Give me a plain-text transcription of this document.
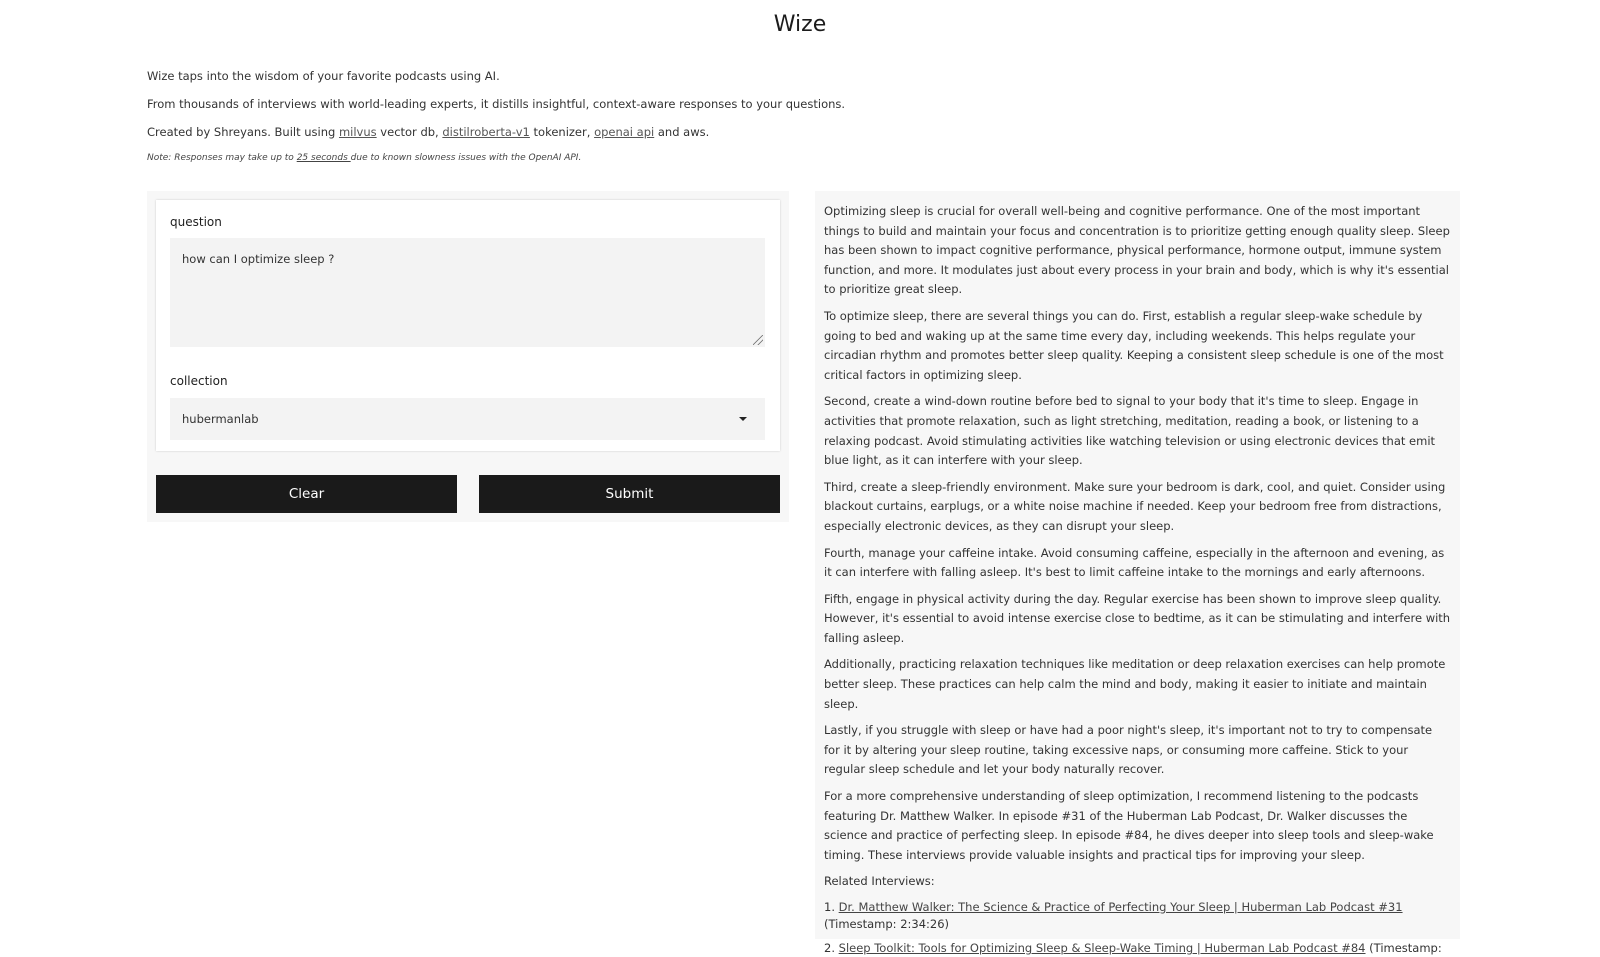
Wize

Wize taps into the wisdom of your favorite podcasts using AI.

From thousands of interviews with world-leading experts, it distills insightful, context-aware responses to your questions.

Created by Shreyans. Built using milvus vector db, distilroberta-v1 tokenizer, openai api and aws.

Note: Responses may take up to 25 seconds due to known slowness issues with the OpenAI API.

question
how can I optimize sleep ?
collection
hubermanlab
Clear	Submit

Optimizing sleep is crucial for overall well-being and cognitive performance. One of the most important things to build and maintain your focus and concentration is to prioritize getting enough quality sleep. Sleep has been shown to impact cognitive performance, physical performance, hormone output, immune system function, and more. It modulates just about every process in your brain and body, which is why it's essential to prioritize great sleep.

To optimize sleep, there are several things you can do. First, establish a regular sleep-wake schedule by going to bed and waking up at the same time every day, including weekends. This helps regulate your circadian rhythm and promotes better sleep quality. Keeping a consistent sleep schedule is one of the most critical factors in optimizing sleep.

Second, create a wind-down routine before bed to signal to your body that it's time to sleep. Engage in activities that promote relaxation, such as light stretching, meditation, reading a book, or listening to a relaxing podcast. Avoid stimulating activities like watching television or using electronic devices that emit blue light, as it can interfere with your sleep.

Third, create a sleep-friendly environment. Make sure your bedroom is dark, cool, and quiet. Consider using blackout curtains, earplugs, or a white noise machine if needed. Keep your bedroom free from distractions, especially electronic devices, as they can disrupt your sleep.

Fourth, manage your caffeine intake. Avoid consuming caffeine, especially in the afternoon and evening, as it can interfere with falling asleep. It's best to limit caffeine intake to the mornings and early afternoons.

Fifth, engage in physical activity during the day. Regular exercise has been shown to improve sleep quality. However, it's essential to avoid intense exercise close to bedtime, as it can be stimulating and interfere with falling asleep.

Additionally, practicing relaxation techniques like meditation or deep relaxation exercises can help promote better sleep. These practices can help calm the mind and body, making it easier to initiate and maintain sleep.

Lastly, if you struggle with sleep or have had a poor night's sleep, it's important not to try to compensate for it by altering your sleep routine, taking excessive naps, or consuming more caffeine. Stick to your regular sleep schedule and let your body naturally recover.

For a more comprehensive understanding of sleep optimization, I recommend listening to the podcasts featuring Dr. Matthew Walker. In episode #31 of the Huberman Lab Podcast, Dr. Walker discusses the science and practice of perfecting sleep. In episode #84, he dives deeper into sleep tools and sleep-wake timing. These interviews provide valuable insights and practical tips for improving your sleep.

Related Interviews:

1. Dr. Matthew Walker: The Science & Practice of Perfecting Your Sleep | Huberman Lab Podcast #31
(Timestamp: 2:34:26)

2. Sleep Toolkit: Tools for Optimizing Sleep & Sleep-Wake Timing | Huberman Lab Podcast #84 (Timestamp:
